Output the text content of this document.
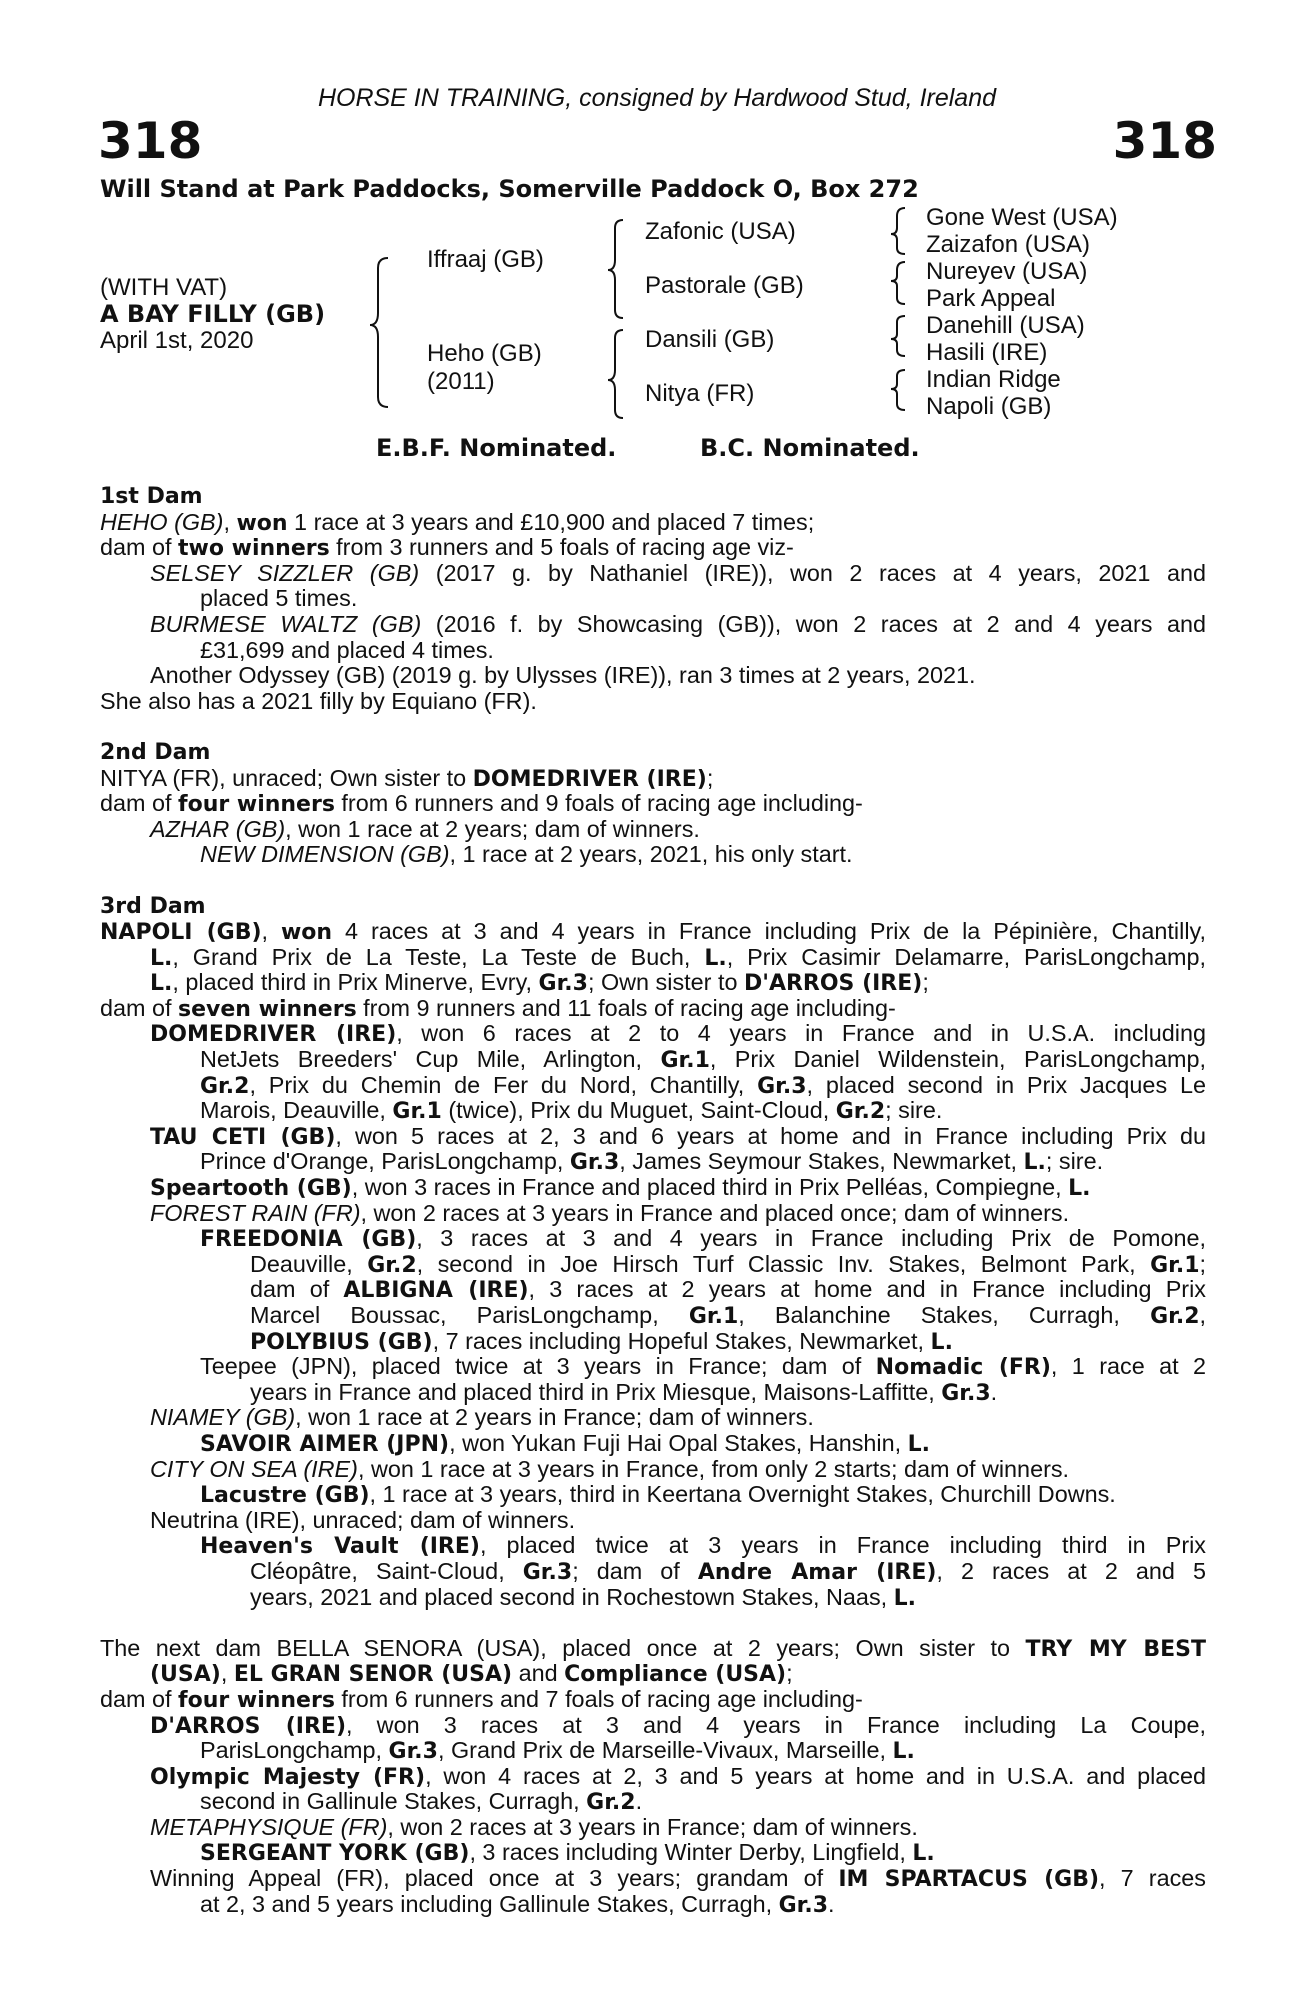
HORSE IN TRAINING, consigned by Hardwood Stud, Ireland
318	318
Will Stand at Park Paddocks, Somerville Paddock O, Box 272
(WITH VAT)
A BAY FILLY (GB)
April 1st, 2020
Iffraaj (GB)
Heho (GB)
(2011)
Zafonic (USA)
Pastorale (GB)
Dansili (GB)
Nitya (FR)
Gone West (USA)
Zaizafon (USA)
Nureyev (USA)
Park Appeal
Danehill (USA)
Hasili (IRE)
Indian Ridge
Napoli (GB)
E.B.F. Nominated.	B.C. Nominated.
1st Dam
HEHO (GB), won 1 race at 3 years and £10,900 and placed 7 times;
dam of two winners from 3 runners and 5 foals of racing age viz-
SELSEY SIZZLER (GB) (2017 g. by Nathaniel (IRE)), won 2 races at 4 years, 2021 and
placed 5 times.
BURMESE WALTZ (GB) (2016 f. by Showcasing (GB)), won 2 races at 2 and 4 years and
£31,699 and placed 4 times.
Another Odyssey (GB) (2019 g. by Ulysses (IRE)), ran 3 times at 2 years, 2021.
She also has a 2021 filly by Equiano (FR).
2nd Dam
NITYA (FR), unraced; Own sister to DOMEDRIVER (IRE);
dam of four winners from 6 runners and 9 foals of racing age including-
AZHAR (GB), won 1 race at 2 years; dam of winners.
NEW DIMENSION (GB), 1 race at 2 years, 2021, his only start.
3rd Dam
NAPOLI (GB), won 4 races at 3 and 4 years in France including Prix de la Pépinière, Chantilly,
L., Grand Prix de La Teste, La Teste de Buch, L., Prix Casimir Delamarre, ParisLongchamp,
L., placed third in Prix Minerve, Evry, Gr.3; Own sister to D'ARROS (IRE);
dam of seven winners from 9 runners and 11 foals of racing age including-
DOMEDRIVER (IRE), won 6 races at 2 to 4 years in France and in U.S.A. including
NetJets Breeders' Cup Mile, Arlington, Gr.1, Prix Daniel Wildenstein, ParisLongchamp,
Gr.2, Prix du Chemin de Fer du Nord, Chantilly, Gr.3, placed second in Prix Jacques Le
Marois, Deauville, Gr.1 (twice), Prix du Muguet, Saint-Cloud, Gr.2; sire.
TAU CETI (GB), won 5 races at 2, 3 and 6 years at home and in France including Prix du
Prince d'Orange, ParisLongchamp, Gr.3, James Seymour Stakes, Newmarket, L.; sire.
Speartooth (GB), won 3 races in France and placed third in Prix Pelléas, Compiegne, L.
FOREST RAIN (FR), won 2 races at 3 years in France and placed once; dam of winners.
FREEDONIA (GB), 3 races at 3 and 4 years in France including Prix de Pomone,
Deauville, Gr.2, second in Joe Hirsch Turf Classic Inv. Stakes, Belmont Park, Gr.1;
dam of ALBIGNA (IRE), 3 races at 2 years at home and in France including Prix
Marcel Boussac, ParisLongchamp, Gr.1, Balanchine Stakes, Curragh, Gr.2,
POLYBIUS (GB), 7 races including Hopeful Stakes, Newmarket, L.
Teepee (JPN), placed twice at 3 years in France; dam of Nomadic (FR), 1 race at 2
years in France and placed third in Prix Miesque, Maisons-Laffitte, Gr.3.
NIAMEY (GB), won 1 race at 2 years in France; dam of winners.
SAVOIR AIMER (JPN), won Yukan Fuji Hai Opal Stakes, Hanshin, L.
CITY ON SEA (IRE), won 1 race at 3 years in France, from only 2 starts; dam of winners.
Lacustre (GB), 1 race at 3 years, third in Keertana Overnight Stakes, Churchill Downs.
Neutrina (IRE), unraced; dam of winners.
Heaven's Vault (IRE), placed twice at 3 years in France including third in Prix
Cléopâtre, Saint-Cloud, Gr.3; dam of Andre Amar (IRE), 2 races at 2 and 5
years, 2021 and placed second in Rochestown Stakes, Naas, L.
The next dam BELLA SENORA (USA), placed once at 2 years; Own sister to TRY MY BEST
(USA), EL GRAN SENOR (USA) and Compliance (USA);
dam of four winners from 6 runners and 7 foals of racing age including-
D'ARROS (IRE), won 3 races at 3 and 4 years in France including La Coupe,
ParisLongchamp, Gr.3, Grand Prix de Marseille-Vivaux, Marseille, L.
Olympic Majesty (FR), won 4 races at 2, 3 and 5 years at home and in U.S.A. and placed
second in Gallinule Stakes, Curragh, Gr.2.
METAPHYSIQUE (FR), won 2 races at 3 years in France; dam of winners.
SERGEANT YORK (GB), 3 races including Winter Derby, Lingfield, L.
Winning Appeal (FR), placed once at 3 years; grandam of IM SPARTACUS (GB), 7 races
at 2, 3 and 5 years including Gallinule Stakes, Curragh, Gr.3.
